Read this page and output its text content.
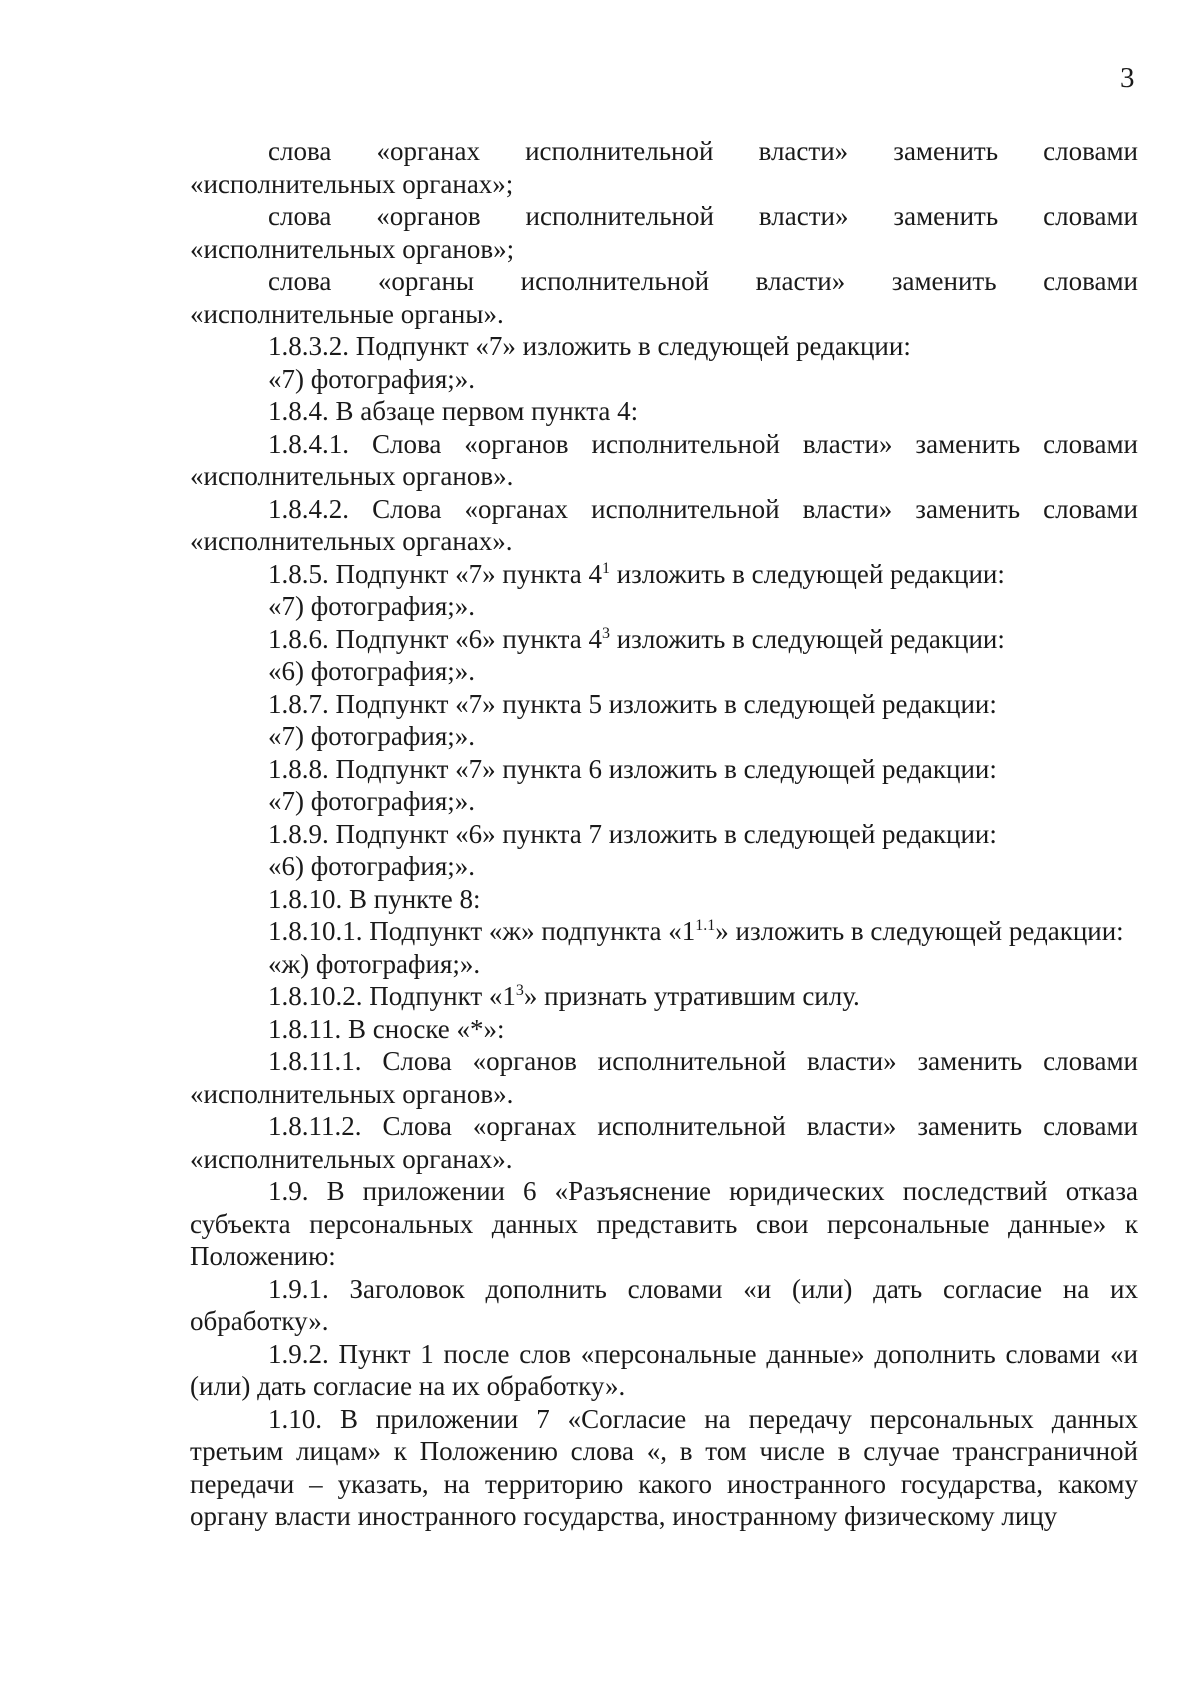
3

слова «органах исполнительной власти» заменить словами «исполнительных органах»;

слова «органов исполнительной власти» заменить словами «исполнительных органов»;

слова «органы исполнительной власти» заменить словами «исполнительные органы».

1.8.3.2. Подпункт «7» изложить в следующей редакции:

«7) фотография;».

1.8.4. В абзаце первом пункта 4:

1.8.4.1. Слова «органов исполнительной власти» заменить словами «исполнительных органов».

1.8.4.2. Слова «органах исполнительной власти» заменить словами «исполнительных органах».

1.8.5. Подпункт «7» пункта $4^1$ изложить в следующей редакции:

«7) фотография;».

1.8.6. Подпункт «6» пункта $4^3$ изложить в следующей редакции:

«6) фотография;».

1.8.7. Подпункт «7» пункта 5 изложить в следующей редакции:

«7) фотография;».

1.8.8. Подпункт «7» пункта 6 изложить в следующей редакции:

«7) фотография;».

1.8.9. Подпункт «6» пункта 7 изложить в следующей редакции:

«6) фотография;».

1.8.10. В пункте 8:

1.8.10.1. Подпункт «ж» подпункта «$1^{1.1}$» изложить в следующей редакции:

«ж) фотография;».

1.8.10.2. Подпункт «$1^3$» признать утратившим силу.

1.8.11. В сноске «*»:

1.8.11.1. Слова «органов исполнительной власти» заменить словами «исполнительных органов».

1.8.11.2. Слова «органах исполнительной власти» заменить словами «исполнительных органах».

1.9. В приложении 6 «Разъяснение юридических последствий отказа субъекта персональных данных представить свои персональные данные» к Положению:

1.9.1. Заголовок дополнить словами «и (или) дать согласие на их обработку».

1.9.2. Пункт 1 после слов «персональные данные» дополнить словами «и (или) дать согласие на их обработку».

1.10. В приложении 7 «Согласие на передачу персональных данных третьим лицам» к Положению слова «, в том числе в случае трансграничной передачи – указать, на территорию какого иностранного государства, какому органу власти иностранного государства, иностранному физическому лицу
